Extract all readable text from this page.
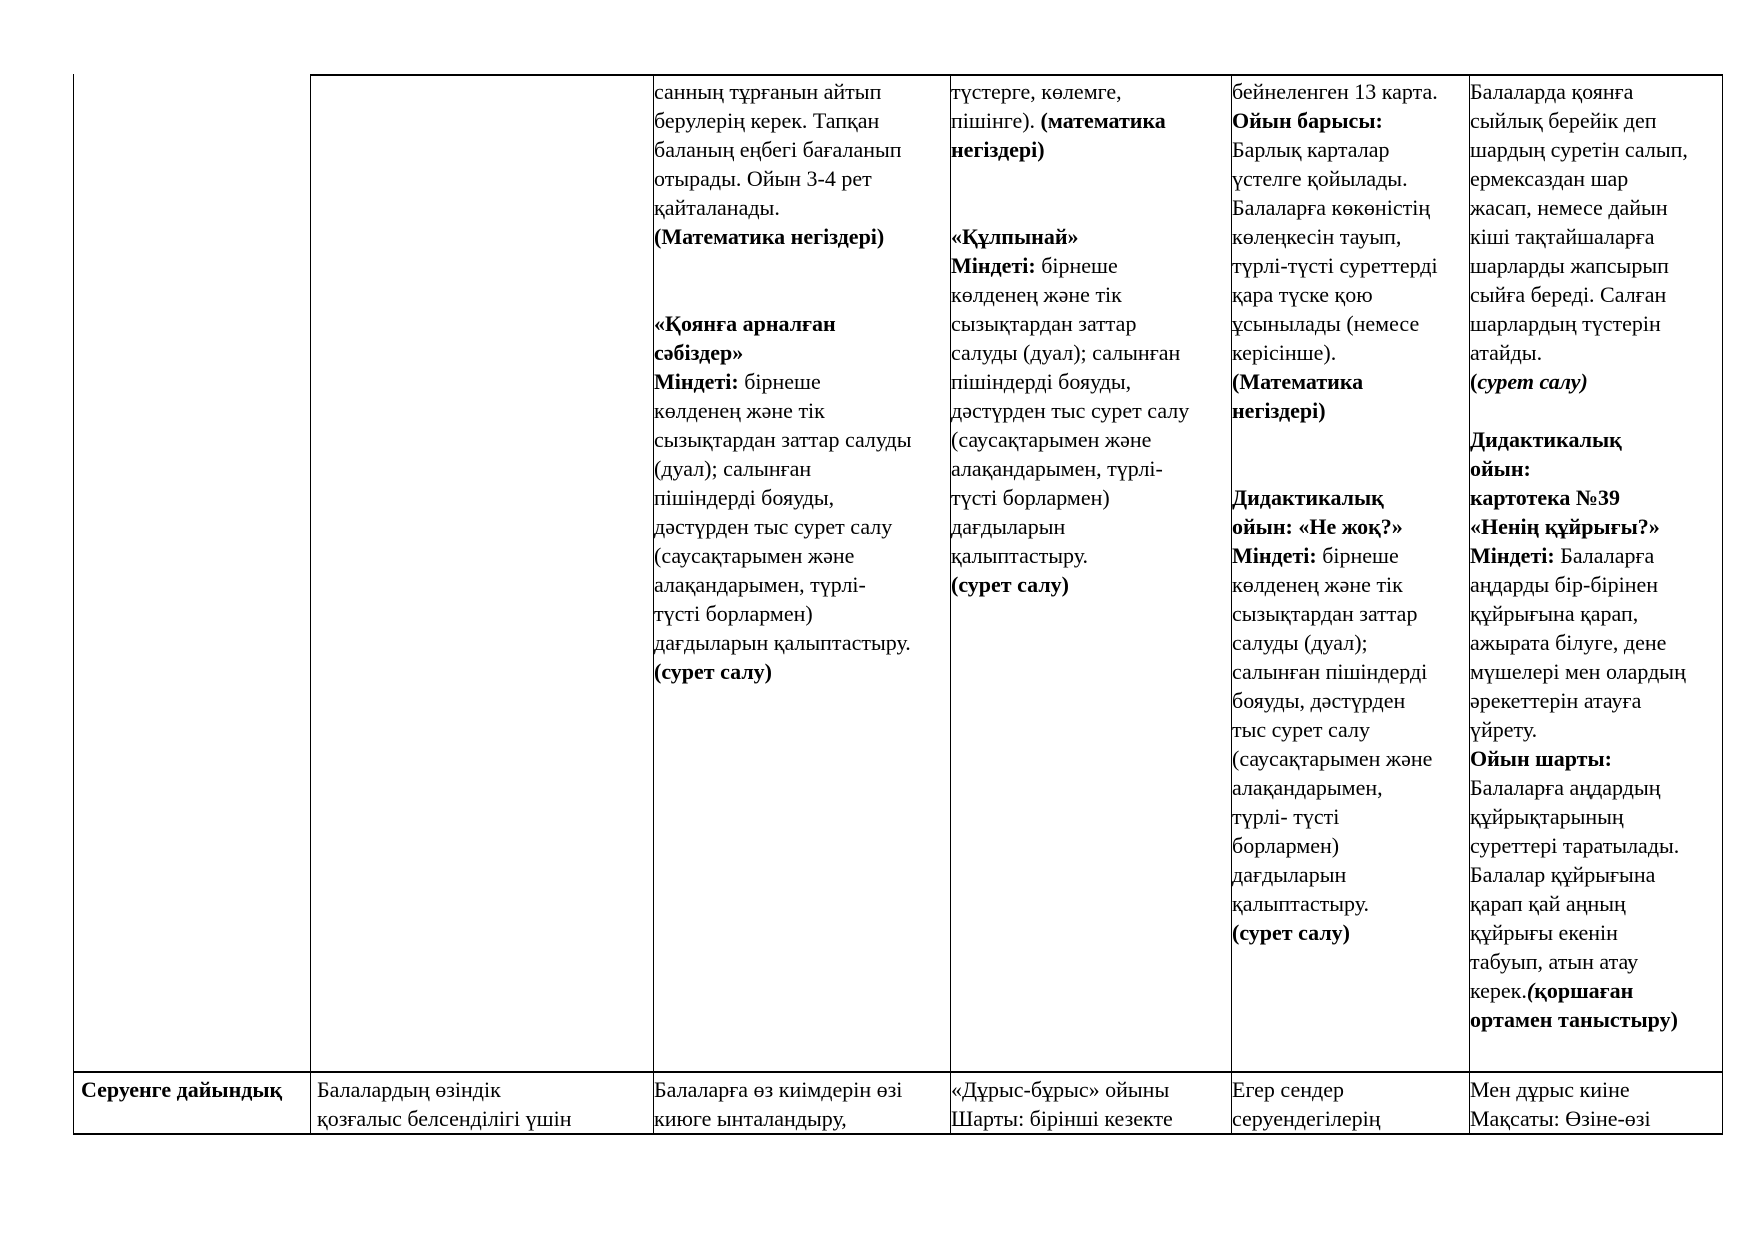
санның тұрғанын айтып
берулерің керек. Тапқан
баланың еңбегі бағаланып
отырады. Ойын 3-4 рет
қайталанады.
(Математика негіздері)
«Қоянға арналған
сәбіздер»
Міндеті: бірнеше
көлденең және тік
сызықтардан заттар салуды
(дуал); салынған
пішіндерді бояуды,
дәстүрден тыс сурет салу
(саусақтарымен және
алақандарымен, түрлі-
түсті борлармен)
дағдыларын қалыптастыру.
(сурет салу)
түстерге, көлемге,
пішінге). (математика
негіздері)
«Құлпынай»
Міндеті: бірнеше
көлденең және тік
сызықтардан заттар
салуды (дуал); салынған
пішіндерді бояуды,
дәстүрден тыс сурет салу
(саусақтарымен және
алақандарымен, түрлі-
түсті борлармен)
дағдыларын
қалыптастыру.
(сурет салу)
бейнеленген 13 карта.
Ойын барысы:
Барлық карталар
үстелге қойылады.
Балаларға көкөністің
көлеңкесін тауып,
түрлі-түсті суреттерді
қара түске қою
ұсынылады (немесе
керісінше).
(Математика
негіздері)
Дидактикалық
ойын: «Не жоқ?»
Міндеті: бірнеше
көлденең және тік
сызықтардан заттар
салуды (дуал);
салынған пішіндерді
бояуды, дәстүрден
тыс сурет салу
(саусақтарымен және
алақандарымен,
түрлі- түсті
борлармен)
дағдыларын
қалыптастыру.
(сурет салу)
Балаларда қоянға
сыйлық берейік деп
шардың суретін салып,
ермексаздан шар
жасап, немесе дайын
кіші тақтайшаларға
шарларды жапсырып
сыйға береді. Салған
шарлардың түстерін
атайды.
(сурет салу)
Дидактикалық
ойын:
картотека №39
«Ненің құйрығы?»
Міндеті: Балаларға
аңдарды бір-бірінен
құйрығына қарап,
ажырата білуге, дене
мүшелері мен олардың
әрекеттерін атауға
үйрету.
Ойын шарты:
Балаларға аңдардың
құйрықтарының
суреттері таратылады.
Балалар құйрығына
қарап қай аңның
құйрығы екенін
табуып, атын атау
керек.(қоршаған
ортамен таныстыру)
Серуенге дайындық Балалардың өзіндік
қозғалыс белсенділігі үшін
Балаларға өз киімдерін өзі
киюге ынталандыру,
«Дұрыс-бұрыс» ойыны
Шарты: бірінші кезекте
Егер сендер
серуендегілерің
Мен дұрыс киіне
Мақсаты: Өзіне-өзі
